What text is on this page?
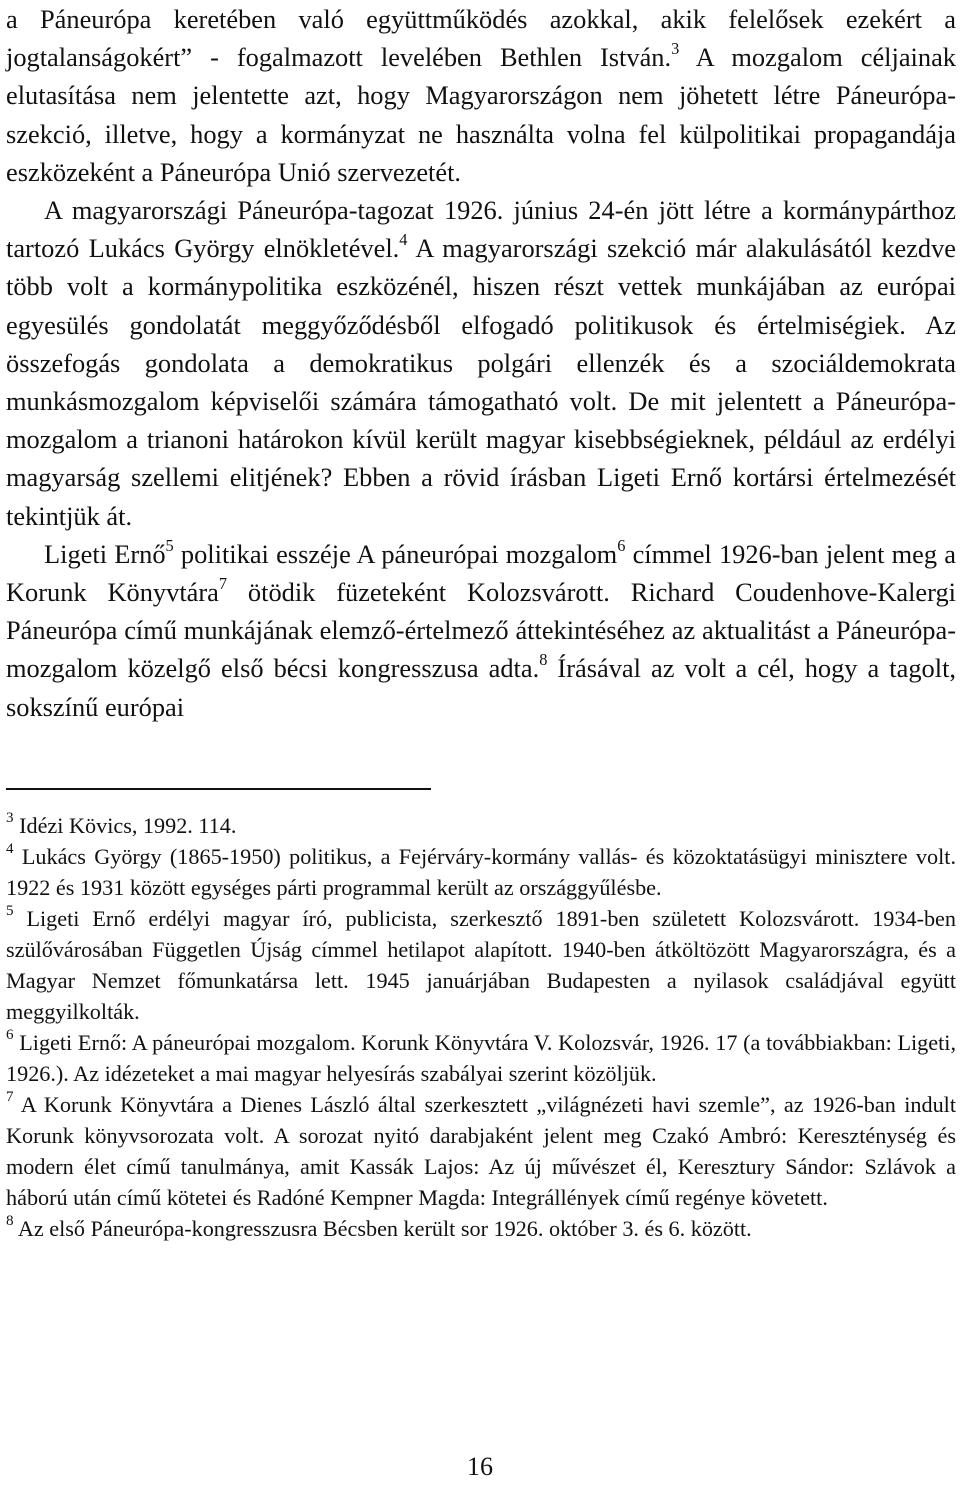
a Páneurópa keretében való együttműködés azokkal, akik felelősek ezekért a jogtalanságokért” - fogalmazott levelében Bethlen István.$^3$ A mozgalom céljainak elutasítása nem jelentette azt, hogy Magyarországon nem jöhetett létre Páneurópa-szekció, illetve, hogy a kormányzat ne használta volna fel külpolitikai propagandája eszközeként a Páneurópa Unió szervezetét.

A magyarországi Páneurópa-tagozat 1926. június 24-én jött létre a kormánypárthoz tartozó Lukács György elnökletével.$^4$ A magyarországi szekció már alakulásától kezdve több volt a kormánypolitika eszközénél, hiszen részt vettek munkájában az európai egyesülés gondolatát meggyőződésből elfogadó politikusok és értelmiségiek. Az összefogás gondolata a demokratikus polgári ellenzék és a szociáldemokrata munkásmozgalom képviselői számára támogatható volt. De mit jelentett a Páneurópa-mozgalom a trianoni határokon kívül került magyar kisebbségieknek, például az erdélyi magyarság szellemi elitjének? Ebben a rövid írásban Ligeti Ernő kortársi értelmezését tekintjük át.

Ligeti Ernő$^5$ politikai esszéje A páneurópai mozgalom$^6$ címmel 1926-ban jelent meg a Korunk Könyvtára$^7$ ötödik füzeteként Kolozsvárott. Richard Coudenhove-Kalergi Páneurópa című munkájának elemző-értelmező áttekintéséhez az aktualitást a Páneurópa-mozgalom közelgő első bécsi kongresszusa adta.$^8$ Írásával az volt a cél, hogy a tagolt, sokszínű európai

$^3$ Idézi Kövics, 1992. 114.

$^4$ Lukács György (1865-1950) politikus, a Fejérváry-kormány vallás- és közoktatásügyi minisztere volt. 1922 és 1931 között egységes párti programmal került az országgyűlésbe.

$^5$ Ligeti Ernő erdélyi magyar író, publicista, szerkesztő 1891-ben született Kolozsvárott. 1934-ben szülővárosában Független Újság címmel hetilapot alapított. 1940-ben átköltözött Magyarországra, és a Magyar Nemzet főmunkatársa lett. 1945 januárjában Budapesten a nyilasok családjával együtt meggyilkolták.

$^6$ Ligeti Ernő: A páneurópai mozgalom. Korunk Könyvtára V. Kolozsvár, 1926. 17 (a továbbiakban: Ligeti, 1926.). Az idézeteket a mai magyar helyesírás szabályai szerint közöljük.

$^7$ A Korunk Könyvtára a Dienes László által szerkesztett „világnézeti havi szemle”, az 1926-ban indult Korunk könyvsorozata volt. A sorozat nyitó darabjaként jelent meg Czakó Ambró: Kereszténység és modern élet című tanulmánya, amit Kassák Lajos: Az új művészet él, Keresztury Sándor: Szlávok a háború után című kötetei és Radóné Kempner Magda: Integrállények című regénye követett.

$^8$ Az első Páneurópa-kongresszusra Bécsben került sor 1926. október 3. és 6. között.

16
